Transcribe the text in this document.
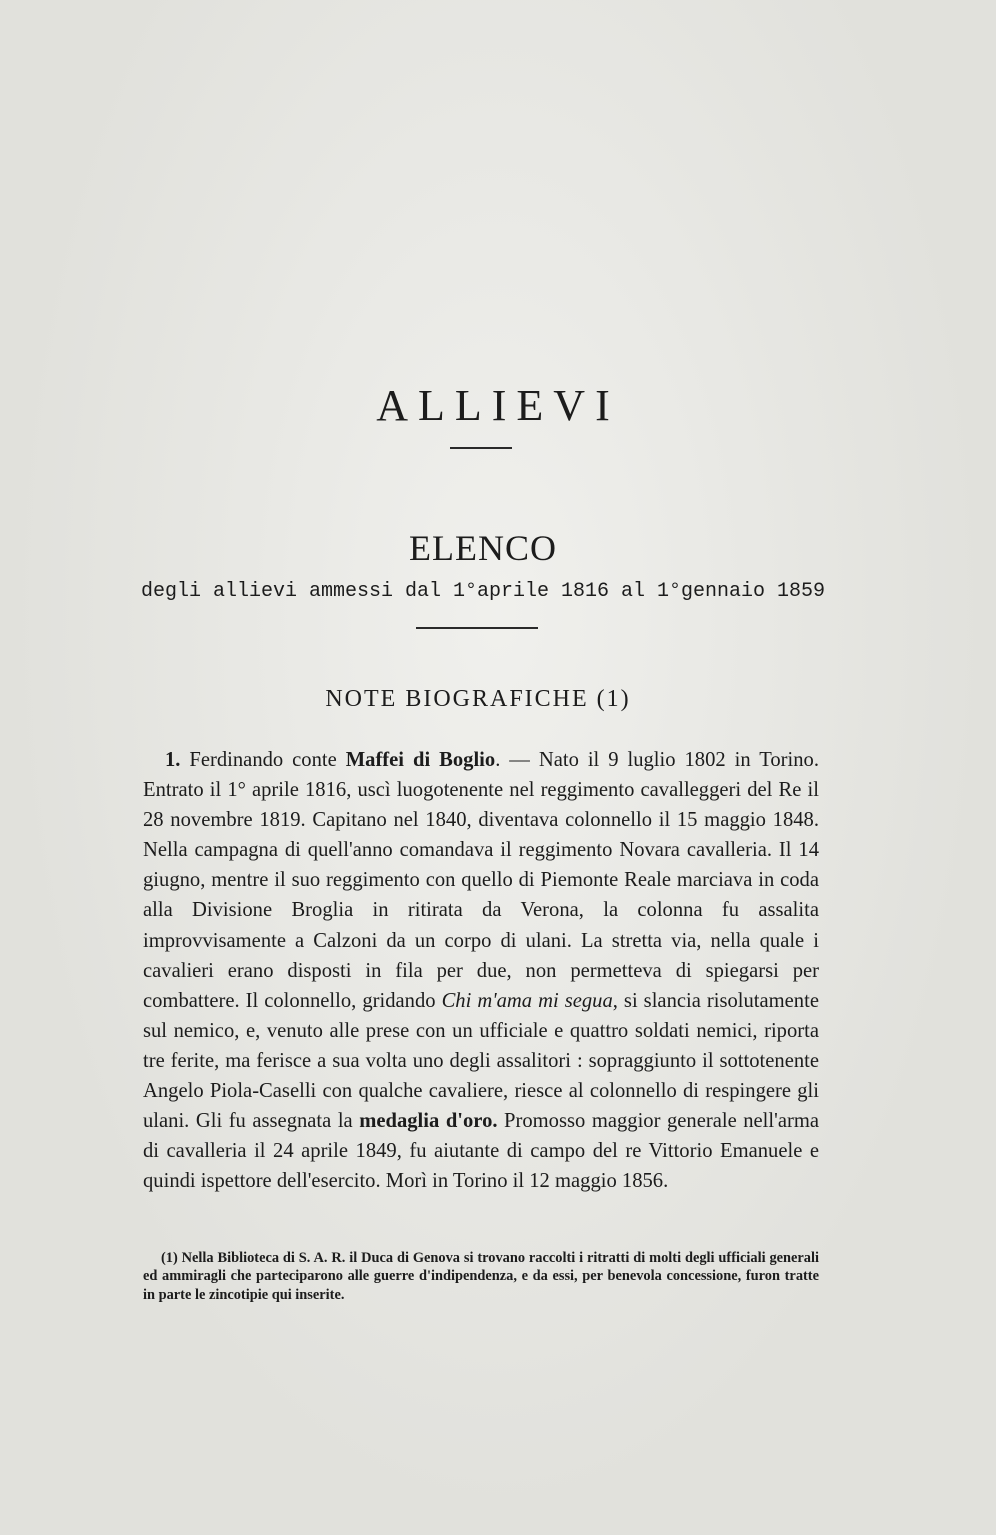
ALLIEVI
ELENCO
degli allievi ammessi dal 1°aprile 1816 al 1°gennaio 1859
NOTE BIOGRAFICHE (1)

1. Ferdinando conte Maffei di Boglio. — Nato il 9 luglio 1802 in Torino. Entrato il 1° aprile 1816, uscì luogotenente nel reggimento cavalleggeri del Re il 28 novembre 1819. Capitano nel 1840, diventava colonnello il 15 maggio 1848. Nella campagna di quell'anno comandava il reggimento Novara cavalleria. Il 14 giugno, mentre il suo reggimento con quello di Piemonte Reale marciava in coda alla Divisione Broglia in ritirata da Verona, la colonna fu assalita improvvisamente a Calzoni da un corpo di ulani. La stretta via, nella quale i cavalieri erano disposti in fila per due, non permetteva di spiegarsi per combattere. Il colonnello, gridando Chi m'ama mi segua, si slancia risolutamente sul nemico, e, venuto alle prese con un ufficiale e quattro soldati nemici, riporta tre ferite, ma ferisce a sua volta uno degli assalitori : sopraggiunto il sottotenente Angelo Piola-Caselli con qualche cavaliere, riesce al colonnello di respingere gli ulani. Gli fu assegnata la medaglia d'oro. Promosso maggior generale nell'arma di cavalleria il 24 aprile 1849, fu aiutante di campo del re Vittorio Emanuele e quindi ispettore dell'esercito. Morì in Torino il 12 maggio 1856.

(1) Nella Biblioteca di S. A. R. il Duca di Genova si trovano raccolti i ritratti di molti degli ufficiali generali ed ammiragli che parteciparono alle guerre d'indipendenza, e da essi, per benevola concessione, furon tratte in parte le zincotipie qui inserite.
